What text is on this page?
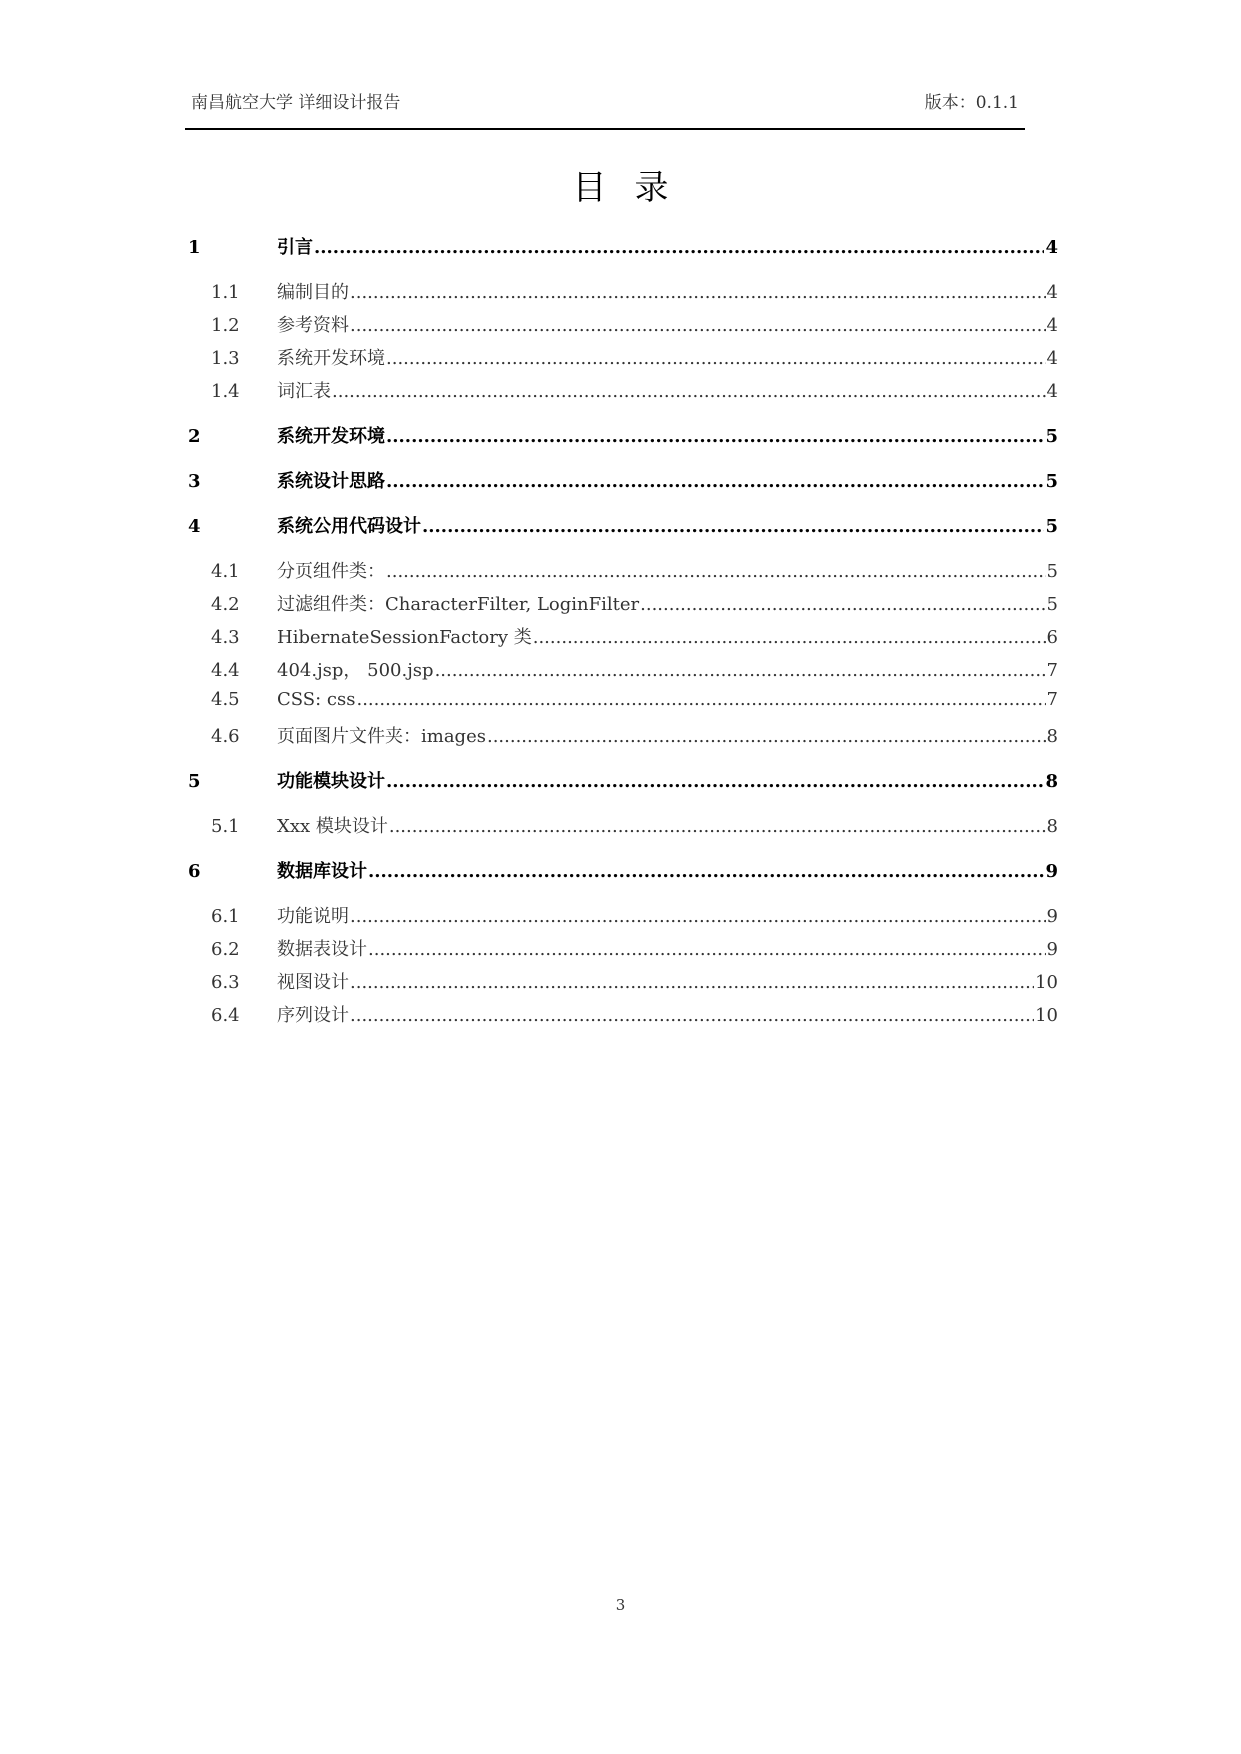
南昌航空大学 详细设计报告	版本：0.1.1
目录
1	引言 .....	4
1.1	编制目的 .....	4
1.2	参考资料 .....	4
1.3	系统开发环境 .....	4
1.4	词汇表 .....	4
2	系统开发环境 .....	5
3	系统设计思路 .....	5
4	系统公用代码设计 .....	5
4.1	分页组件类： .....	5
4.2	过滤组件类：CharacterFilter, LoginFilter .....	5
4.3	HibernateSessionFactory 类 .....	6
4.4	404.jsp， 500.jsp .....	7
4.5	CSS: css .....	7
4.6	页面图片文件夹：images .....	8
5	功能模块设计 .....	8
5.1	Xxx 模块设计 .....	8
6	数据库设计 .....	9
6.1	功能说明 .....	9
6.2	数据表设计 .....	9
6.3	视图设计 .....	10
6.4	序列设计 .....	10
3
